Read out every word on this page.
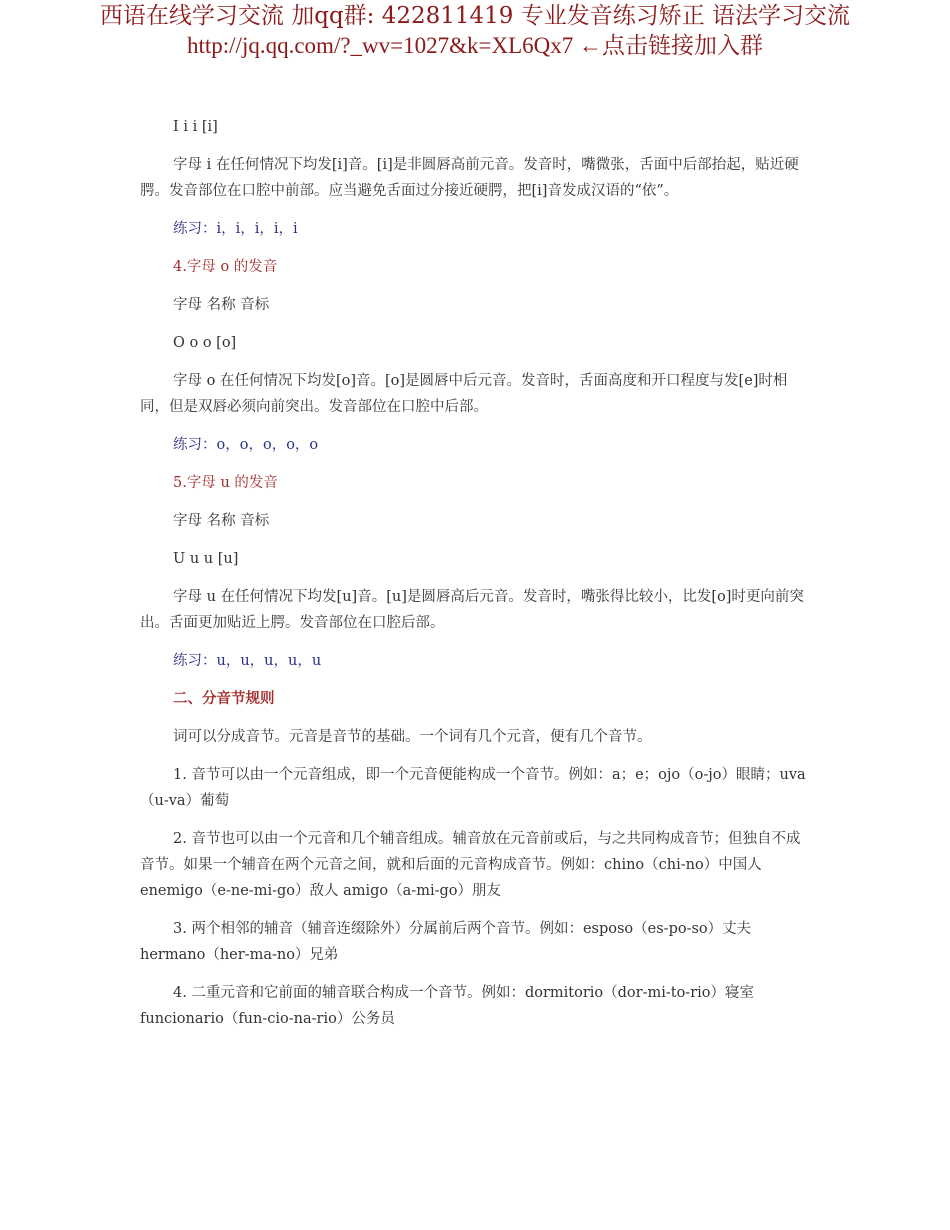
西语在线学习交流 加qq群: 422811419 专业发音练习矫正 语法学习交流
http://jq.qq.com/?_wv=1027&k=XL6Qx7 ←点击链接加入群

I i i [i]

字母 i 在任何情况下均发[i]音。[i]是非圆唇高前元音。发音时，嘴微张，舌面中后部抬起，贴近硬腭。发音部位在口腔中前部。应当避免舌面过分接近硬腭，把[i]音发成汉语的“依”。

练习：i，i，i，i，i

4.字母 o 的发音

字母 名称 音标

O o o [o]

字母 o 在任何情况下均发[o]音。[o]是圆唇中后元音。发音时，舌面高度和开口程度与发[e]时相同，但是双唇必须向前突出。发音部位在口腔中后部。

练习：o，o，o，o，o

5.字母 u 的发音

字母 名称 音标

U u u [u]

字母 u 在任何情况下均发[u]音。[u]是圆唇高后元音。发音时，嘴张得比较小，比发[o]时更向前突出。舌面更加贴近上腭。发音部位在口腔后部。

练习：u，u，u，u，u

二、分音节规则

词可以分成音节。元音是音节的基础。一个词有几个元音，便有几个音节。

1. 音节可以由一个元音组成，即一个元音便能构成一个音节。例如：a；e；ojo（o-jo）眼睛；uva（u-va）葡萄

2. 音节也可以由一个元音和几个辅音组成。辅音放在元音前或后，与之共同构成音节；但独自不成音节。如果一个辅音在两个元音之间，就和后面的元音构成音节。例如：chino（chi-no）中国人 enemigo（e-ne-mi-go）敌人 amigo（a-mi-go）朋友

3. 两个相邻的辅音（辅音连缀除外）分属前后两个音节。例如：esposo（es-po-so）丈夫 hermano（her-ma-no）兄弟

4. 二重元音和它前面的辅音联合构成一个音节。例如：dormitorio（dor-mi-to-rio）寝室 funcionario（fun-cio-na-rio）公务员
